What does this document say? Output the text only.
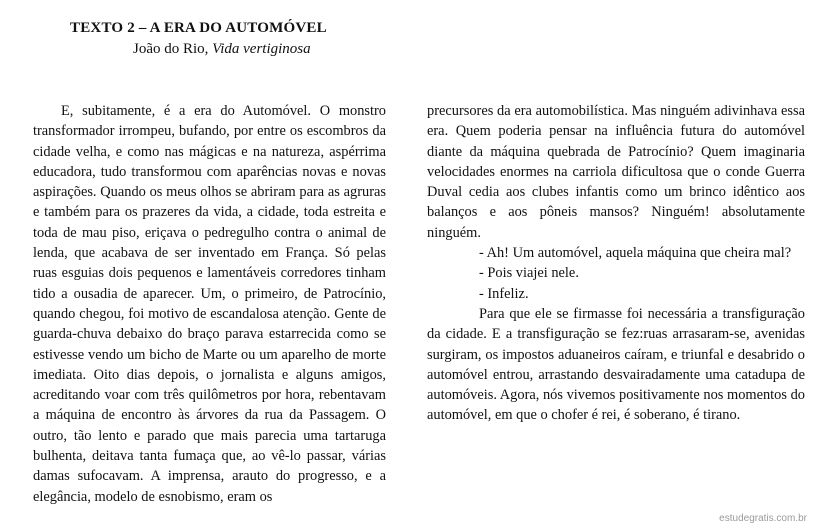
TEXTO 2 – A ERA DO AUTOMÓVEL
João do Rio, Vida vertiginosa

E, subitamente, é a era do Automóvel. O monstro transformador irrompeu, bufando, por entre os escombros da cidade velha, e como nas mágicas e na natureza, aspérrima educadora, tudo transformou com aparências novas e novas aspirações. Quando os meus olhos se abriram para as agruras e também para os prazeres da vida, a cidade, toda estreita e toda de mau piso, eriçava o pedregulho contra o animal de lenda, que acabava de ser inventado em França. Só pelas ruas esguias dois pequenos e lamentáveis corredores tinham tido a ousadia de aparecer. Um, o primeiro, de Patrocínio, quando chegou, foi motivo de escandalosa atenção. Gente de guarda-chuva debaixo do braço parava estarrecida como se estivesse vendo um bicho de Marte ou um aparelho de morte imediata. Oito dias depois, o jornalista e alguns amigos, acreditando voar com três quilômetros por hora, rebentavam a máquina de encontro às árvores da rua da Passagem. O outro, tão lento e parado que mais parecia uma tartaruga bulhenta, deitava tanta fumaça que, ao vê-lo passar, várias damas sufocavam. A imprensa, arauto do progresso, e a elegância, modelo de esnobismo, eram os

precursores da era automobilística. Mas ninguém adivinhava essa era. Quem poderia pensar na influência futura do automóvel diante da máquina quebrada de Patrocínio? Quem imaginaria velocidades enormes na carriola dificultosa que o conde Guerra Duval cedia aos clubes infantis como um brinco idêntico aos balanços e aos pôneis mansos? Ninguém! absolutamente ninguém.

- Ah! Um automóvel, aquela máquina que cheira mal?

- Pois viajei nele.

- Infeliz.

Para que ele se firmasse foi necessária a transfiguração da cidade. E a transfiguração se fez:ruas arrasaram-se, avenidas surgiram, os impostos aduaneiros caíram, e triunfal e desabrido o automóvel entrou, arrastando desvairadamente uma catadupa de automóveis. Agora, nós vivemos positivamente nos momentos do automóvel, em que o chofer é rei, é soberano, é tirano.

estudegratis.com.br
